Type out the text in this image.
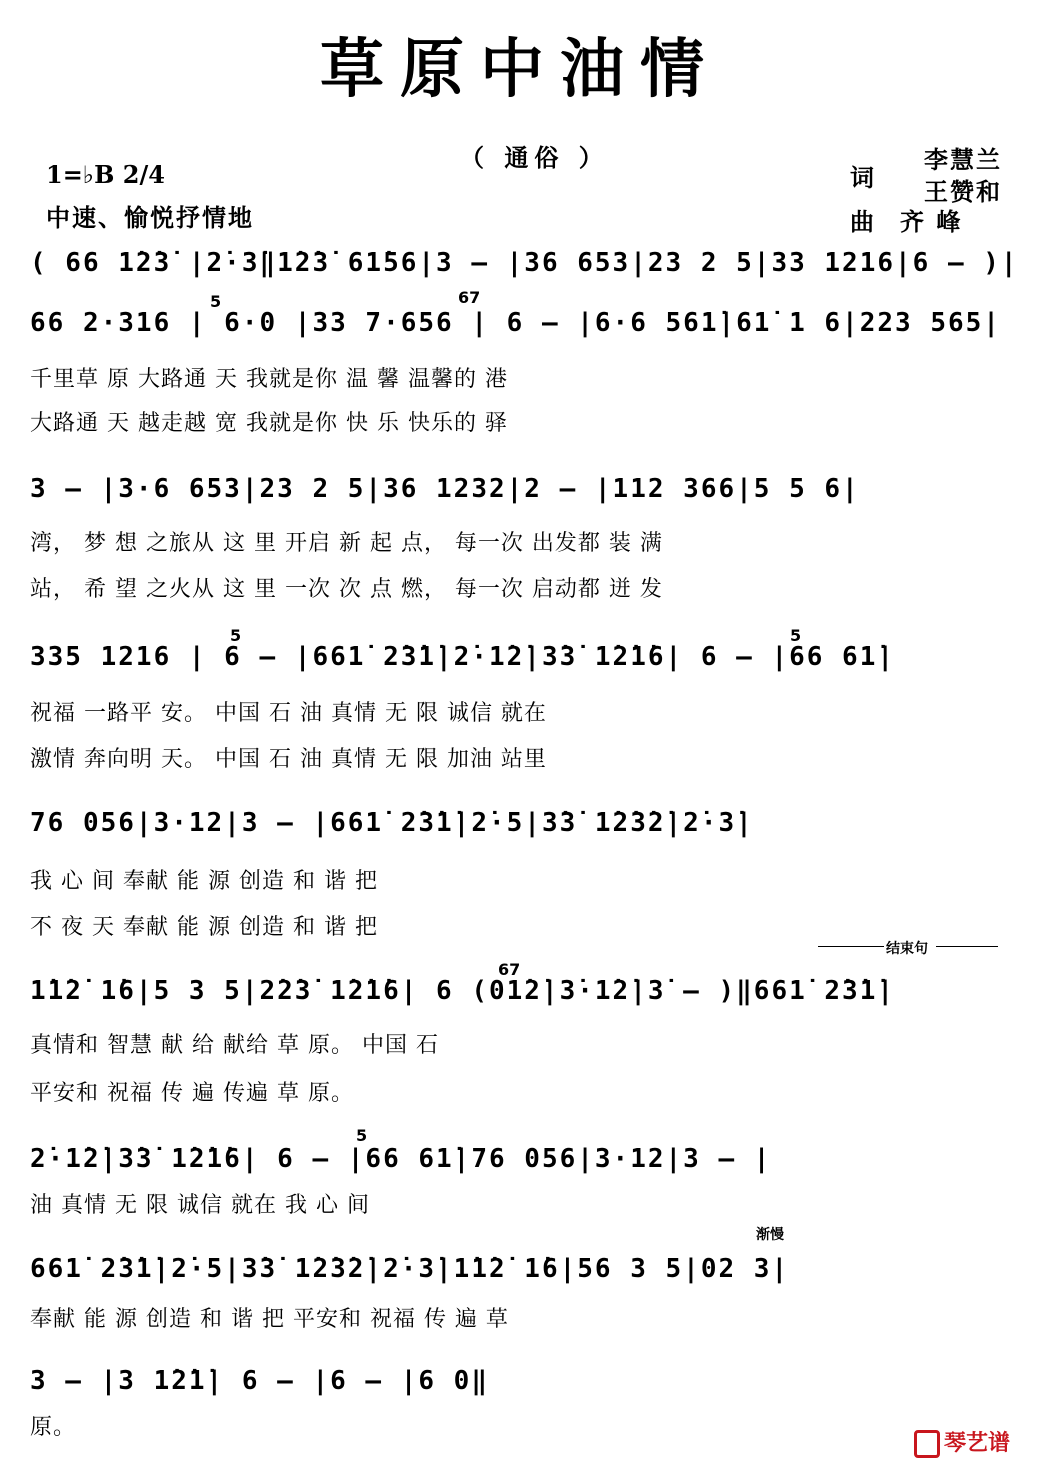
草原中油情
（ 通俗 ）
1=♭B 2/4
中速、愉悦抒情地
词
李慧兰
王赞和
曲 齐 峰
( 66 1̇2̇3̇ |2̇·3̇‖1̇2̇3̇ 61̇56|3 — |36 653|23 2 5|33 1216|6 — )|
5	67
66 2·316 | 6·0 |33 7·656 | 6 — |6·6 561̇|61̇ 1 6|223 565|
千里草 原 大路通 天 我就是你 温 馨 温馨的 港
大路通 天 越走越 宽 我就是你 快 乐 快乐的 驿
3 — |3·6 653|23 2 5|36 1232|2 — |112 366|5 5 6|
湾， 梦 想 之旅从 这 里 开启 新 起 点， 每一次 出发都 装 满
站， 希 望 之火从 这 里 一次 次 点 燃， 每一次 启动都 迸 发
5	5
335 1216 | 6 — |661̇ 2̇3̇1̇|2̇·1̇2̇|3̇3̇ 1̇2̇1̇6| 6 — |66 61̇|
祝福 一路平 安。 中国 石 油 真情 无 限 诚信 就在
激情 奔向明 天。 中国 石 油 真情 无 限 加油 站里
76 056|3·12|3 — |661̇ 2̇3̇1̇|2̇·5|3̇3̇ 1̇2̇3̇2̇|2̇·3̇|
我 心 间 奉献 能 源 创造 和 谐 把
不 夜 天 奉献 能 源 创造 和 谐 把
结束句
67
1̇1̇2̇ 1̇6|5 3 5|2̇2̇3̇ 1̇2̇1̇6| 6 (01̇2̇|3̇·1̇2̇|3̇ — )‖661̇ 2̇3̇1̇|
真情和 智慧 献 给 献给 草 原。 中国 石
平安和 祝福 传 遍 传遍 草 原。
5
2̇·1̇2̇|3̇3̇ 1̇2̇1̇6| 6 — |66 61̇|76 056|3·12|3 — |
油 真情 无 限 诚信 就在 我 心 间
渐慢
661̇ 2̇3̇1̇|2̇·5|3̇3̇ 1̇2̇3̇2̇|2̇·3̇|1̇1̇2̇ 1̇6|56 3 5|02 3|
奉献 能 源 创造 和 谐 把 平安和 祝福 传 遍 草
3 — |3 1̇2̇1̇| 6 — |6 — |6 0‖
原。
琴艺谱
